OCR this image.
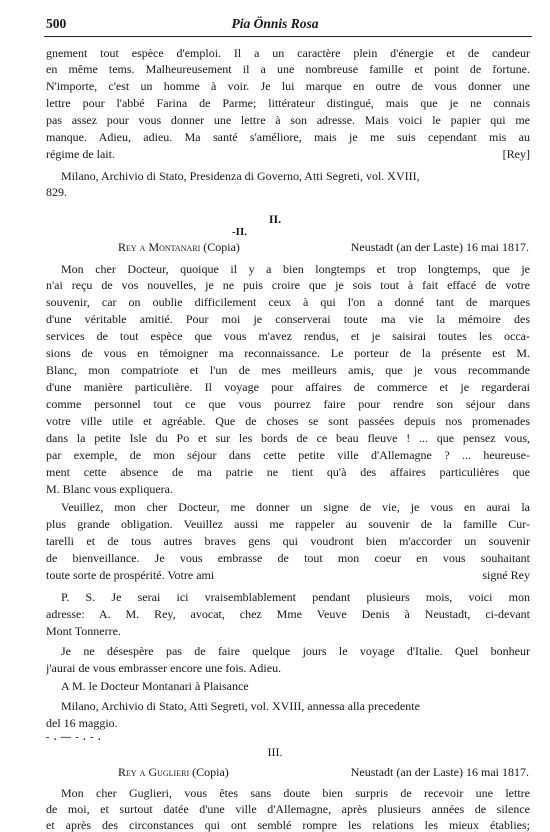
500	Pia Önnis Rosa
gnement tout espèce d'emploi. Il a un caractère plein d'énergie et de candeur
en même tems. Malheureusement il a une nombreuse famille et point de fortune.
N'importe, c'est un homme à voir. Je lui marque en outre de vous donner une
lettre pour l'abbé Farina de Parme; littérateur distingué, mais que je ne connais
pas assez pour vous donner une lettre à son adresse. Mais voici le papier qui me
manque. Adieu, adieu. Ma santé s'améliore, mais je me suis cependant mis au
régime de lait.	[Rey]
Milano, Archivio di Stato, Presidenza di Governo, Atti Segreti, vol. XVIII,
829.
II.
-II.
Rey a Montanari (Copia)	Neustadt (an der Laste) 16 mai 1817.
Mon cher Docteur, quoique il y a bien longtemps et trop longtemps, que je
n'ai reçu de vos nouvelles, je ne puis croire que je sois tout à fait effacé de votre
souvenir, car on oublie difficilement ceux à qui l'on a donné tant de marques
d'une véritable amitié. Pour moi je conserverai toute ma vie la mémoire des
services de tout espèce que vous m'avez rendus, et je saisirai toutes les occa-
sions de vous en témoigner ma reconnaissance. Le porteur de la présente est M.
Blanc, mon compatriote et l'un de mes meilleurs amis, que je vous recommande
d'une manière particulière. Il voyage pour affaires de commerce et je regarderai
comme personnel tout ce que vous pourrez faire pour rendre son séjour dans
votre ville utile et agréable. Que de choses se sont passées depuis nos promenades
dans la petite Isle du Po et sur les bords de ce beau fleuve ! ... que pensez vous,
par exemple, de mon séjour dans cette petite ville d'Allemagne ? ... heureuse-
ment cette absence de ma patrie ne tient qu'à des affaires particulières que
M. Blanc vous expliquera.
Veuillez, mon cher Docteur, me donner un signe de vie, je vous en aurai la
plus grande obligation. Veuillez aussi me rappeler au souvenir de la famille Cur-
tarelli et de tous autres braves gens qui voudront bien m'accorder un souvenir
de bienveillance. Je vous embrasse de tout mon coeur en vous souhaitant
toute sorte de prospérité. Votre ami	signé Rey
P. S. Je serai ici vraisemblablement pendant plusieurs mois, voici mon
adresse: A. M. Rey, avocat, chez Mme Veuve Denis à Neustadt, ci-devant
Mont Tonnerre.
Je ne désespère pas de faire quelque jours le voyage d'Italie. Quel bonheur
j'aurai de vous embrasser encore une fois. Adieu.
A M. le Docteur Montanari à Plaisance
Milano, Archivio di Stato, Atti Segreti, vol. XVIII, annessa alla precedente
del 16 maggio.
- . — - . - .
III.
Rey a Guglieri (Copia)	Neustadt (an der Laste) 16 mai 1817.
Mon cher Guglieri, vous êtes sans doute bien surpris de recevoir une lettre
de moi, et surtout datée d'une ville d'Allemagne, après plusieurs années de silence
et après des circonstances qui ont semblé rompre les relations les mieux établies;
